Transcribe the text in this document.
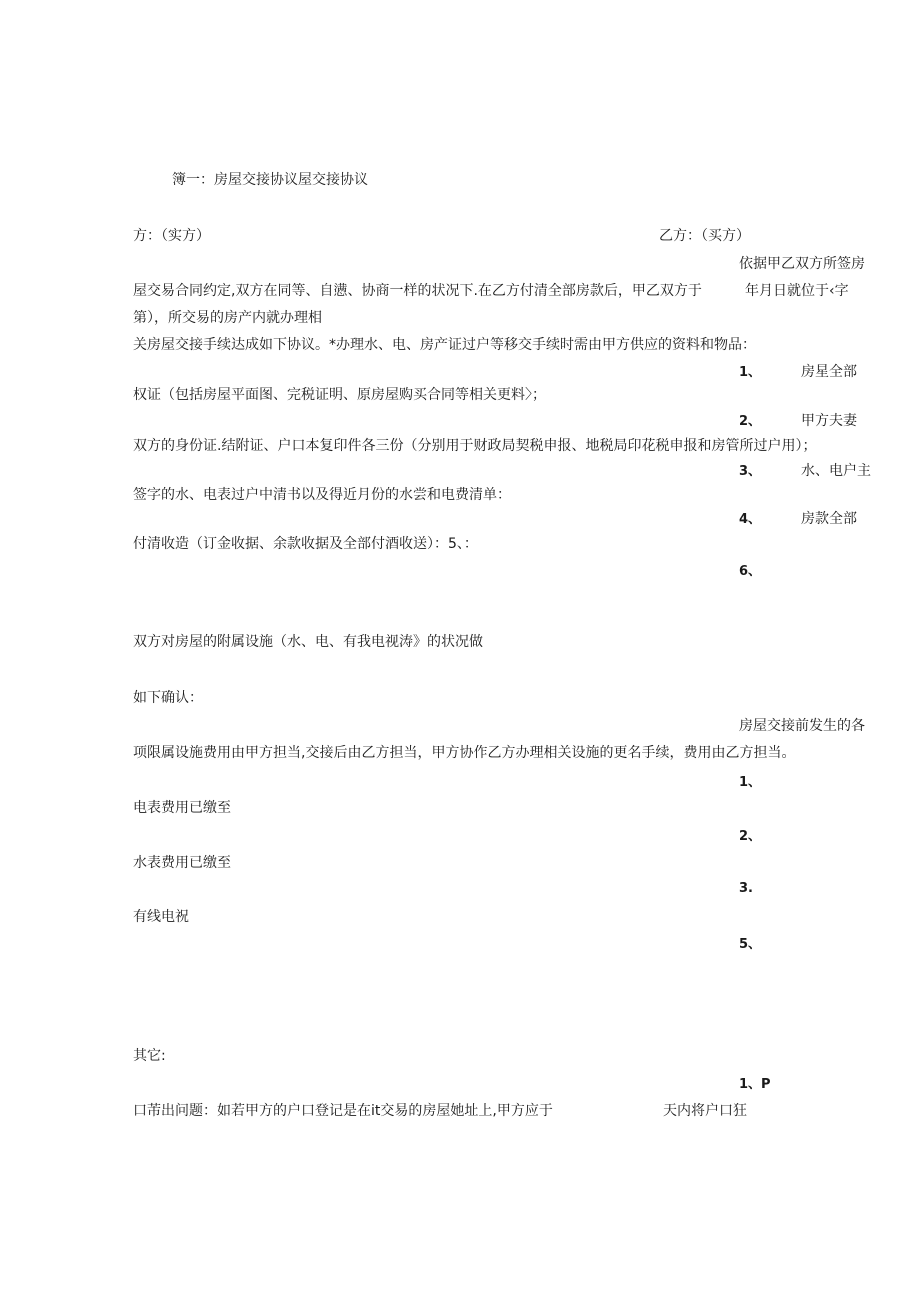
簿一：房屋交接协议屋交接协议

方：（实方）	乙方：（买方）

依据甲乙双方所签房

屋交易合同约定,双方在同等、自懑、协商一样的状况下.在乙方付清全部房款后，甲乙双方于	年月日就位于‹字

第），所交易的房产内就办理相

关房屋交接手续达成如下协议。*办理水、电、房产证过户等移交手续时需由甲方供应的资料和物品：

1、	房星全部

权证（包括房屋平面图、完税证明、原房屋购买合同等相关更料〉；

2、	甲方夫妻

双方的身份证.结附证、户口本复印件各三份（分别用于财政局契税申报、地税局印花税申报和房管所过户用）；

3、	水、电户主

签字的水、电表过户中清书以及得近月份的水尝和电费清单：

4、	房款全部

付清收造（订金收据、余款收据及全部付酒收送）：5、：

6、

双方对房屋的附属设施（水、电、有我电视涛》的状况做

如下确认：

房屋交接前发生的各

项限属设施费用由甲方担当,交接后由乙方担当，甲方协作乙方办理相关设施的更名手续，费用由乙方担当。

1、

电表费用已缴至

2、

水表费用已缴至

3.

有线电祝

5、

其它:

1、P

口芾出问题：如若甲方的户口登记是在it交易的房屋她址上,甲方应于	天内将户口狂
